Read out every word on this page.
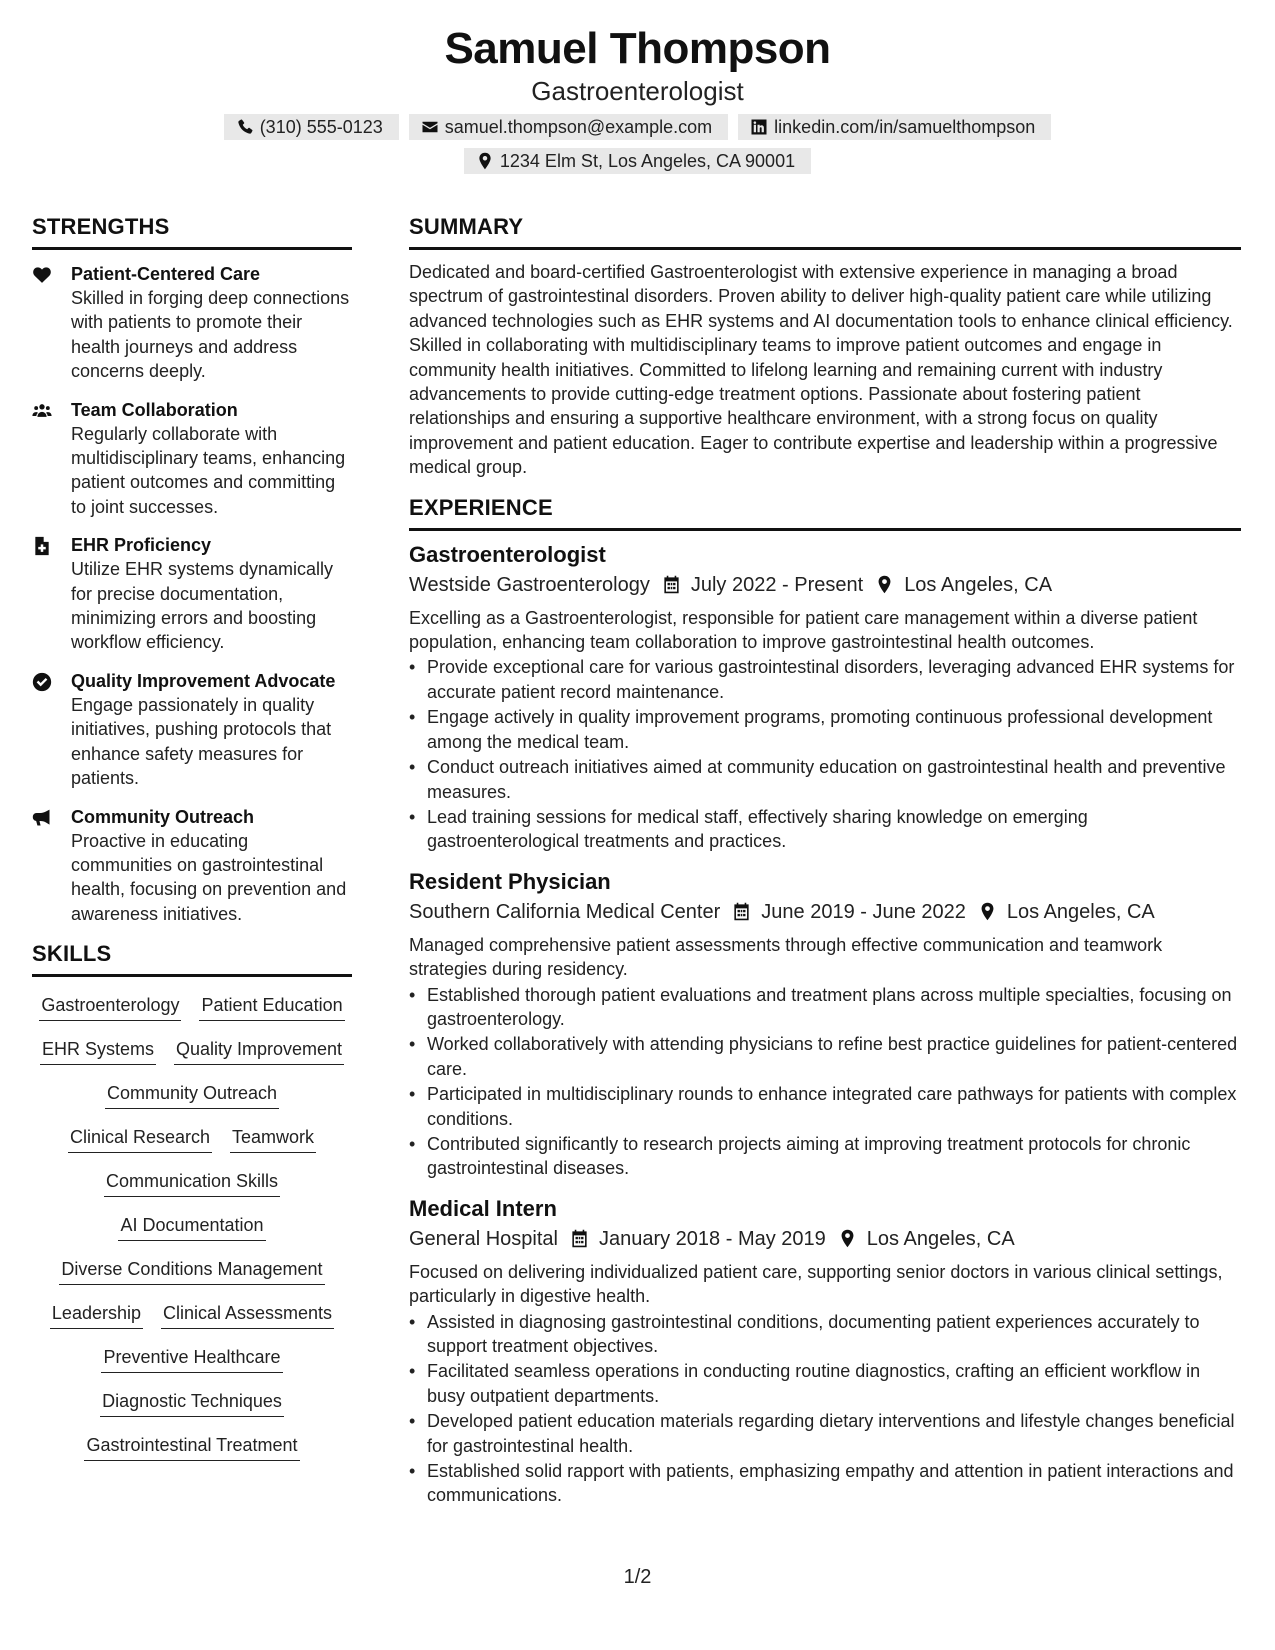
Samuel Thompson
Gastroenterologist
(310) 555-0123	samuel.thompson@example.com	linkedin.com/in/samuelthompson
1234 Elm St, Los Angeles, CA 90001
STRENGTHS
Patient-Centered Care
Skilled in forging deep connections with patients to promote their health journeys and address concerns deeply.
Team Collaboration
Regularly collaborate with multidisciplinary teams, enhancing patient outcomes and committing to joint successes.
EHR Proficiency
Utilize EHR systems dynamically for precise documentation, minimizing errors and boosting workflow efficiency.
Quality Improvement Advocate
Engage passionately in quality initiatives, pushing protocols that enhance safety measures for patients.
Community Outreach
Proactive in educating communities on gastrointestinal health, focusing on prevention and awareness initiatives.
SKILLS
Gastroenterology Patient Education
EHR Systems Quality Improvement
Community Outreach
Clinical Research Teamwork
Communication Skills
AI Documentation
Diverse Conditions Management
Leadership Clinical Assessments
Preventive Healthcare
Diagnostic Techniques
Gastrointestinal Treatment
SUMMARY
Dedicated and board-certified Gastroenterologist with extensive experience in managing a broad spectrum of gastrointestinal disorders. Proven ability to deliver high-quality patient care while utilizing advanced technologies such as EHR systems and AI documentation tools to enhance clinical efficiency. Skilled in collaborating with multidisciplinary teams to improve patient outcomes and engage in community health initiatives. Committed to lifelong learning and remaining current with industry advancements to provide cutting-edge treatment options. Passionate about fostering patient relationships and ensuring a supportive healthcare environment, with a strong focus on quality improvement and patient education. Eager to contribute expertise and leadership within a progressive medical group.
EXPERIENCE
Gastroenterologist
Westside Gastroenterology July 2022 - Present Los Angeles, CA
Excelling as a Gastroenterologist, responsible for patient care management within a diverse patient population, enhancing team collaboration to improve gastrointestinal health outcomes.
• Provide exceptional care for various gastrointestinal disorders, leveraging advanced EHR systems for accurate patient record maintenance.
• Engage actively in quality improvement programs, promoting continuous professional development among the medical team.
• Conduct outreach initiatives aimed at community education on gastrointestinal health and preventive measures.
• Lead training sessions for medical staff, effectively sharing knowledge on emerging gastroenterological treatments and practices.
Resident Physician
Southern California Medical Center June 2019 - June 2022 Los Angeles, CA
Managed comprehensive patient assessments through effective communication and teamwork strategies during residency.
• Established thorough patient evaluations and treatment plans across multiple specialties, focusing on gastroenterology.
• Worked collaboratively with attending physicians to refine best practice guidelines for patient-centered care.
• Participated in multidisciplinary rounds to enhance integrated care pathways for patients with complex conditions.
• Contributed significantly to research projects aiming at improving treatment protocols for chronic gastrointestinal diseases.
Medical Intern
General Hospital January 2018 - May 2019 Los Angeles, CA
Focused on delivering individualized patient care, supporting senior doctors in various clinical settings, particularly in digestive health.
• Assisted in diagnosing gastrointestinal conditions, documenting patient experiences accurately to support treatment objectives.
• Facilitated seamless operations in conducting routine diagnostics, crafting an efficient workflow in busy outpatient departments.
• Developed patient education materials regarding dietary interventions and lifestyle changes beneficial for gastrointestinal health.
• Established solid rapport with patients, emphasizing empathy and attention in patient interactions and communications.
1/2
